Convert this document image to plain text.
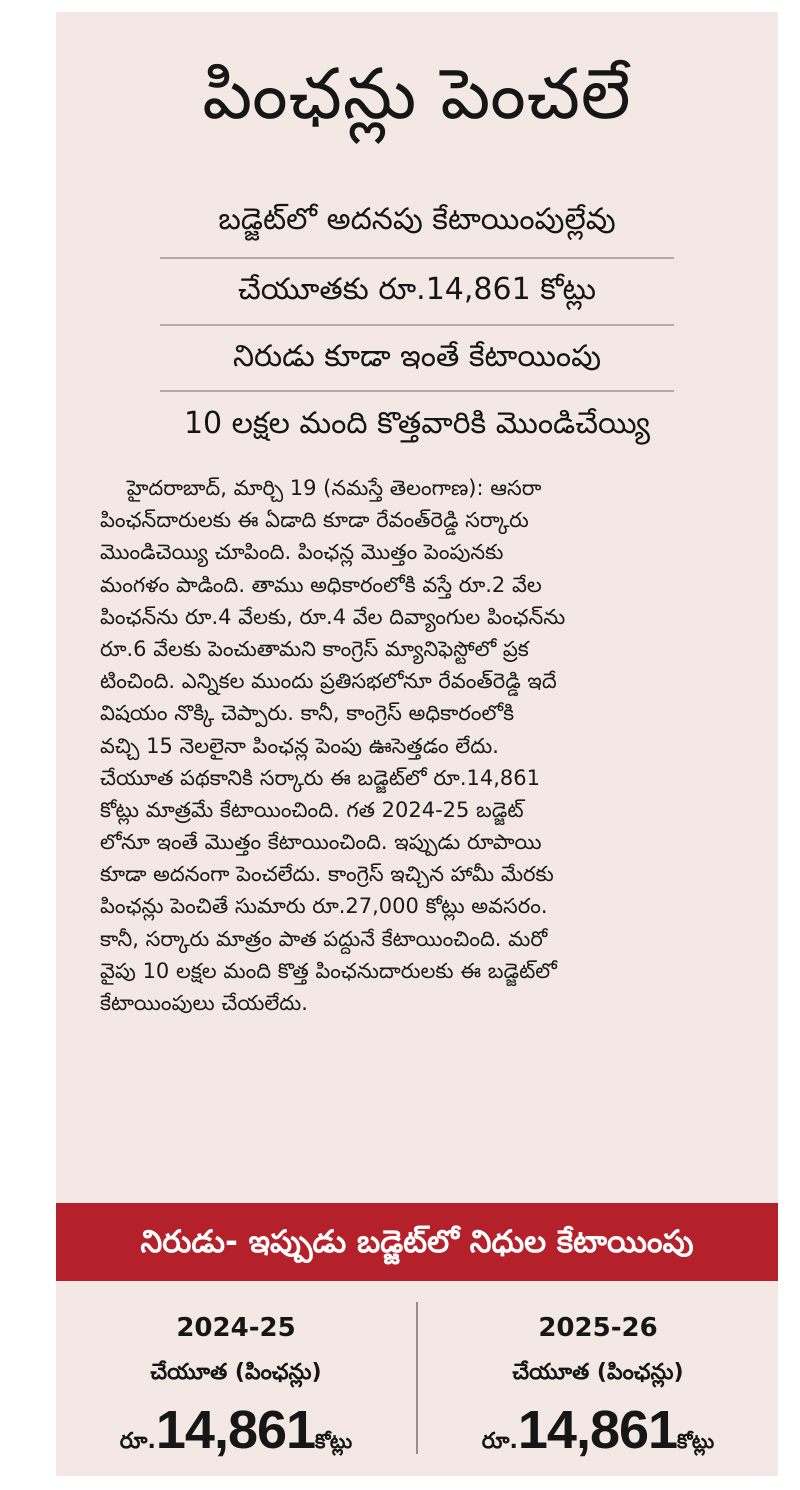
పింఛన్లు పెంచలే
బడ్జెట్‌లో అదనపు కేటాయింపుల్లేవు
చేయూతకు రూ.14,861 కోట్లు
నిరుడు కూడా ఇంతే కేటాయింపు
10 లక్షల మంది కొత్తవారికి మొండిచేయ్యి
హైదరాబాద్, మార్చి 19 (నమస్తే తెలంగాణ): ఆసరా
పింఛన్‌దారులకు ఈ ఏడాది కూడా రేవంత్‌రెడ్డి సర్కారు
మొండిచెయ్యి చూపింది. పింఛన్ల మొత్తం పెంపునకు
మంగళం పాడింది. తాము అధికారంలోకి వస్తే రూ.2 వేల
పింఛన్‌ను రూ.4 వేలకు, రూ.4 వేల దివ్యాంగుల పింఛన్‌ను
రూ.6 వేలకు పెంచుతామని కాంగ్రెస్ మ్యానిఫెస్టోలో ప్రక
టించింది. ఎన్నికల ముందు ప్రతిసభలోనూ రేవంత్‌రెడ్డి ఇదే
విషయం నొక్కి చెప్పారు. కానీ, కాంగ్రెస్ అధికారంలోకి
వచ్చి 15 నెలలైనా పింఛన్ల పెంపు ఊసెత్తడం లేదు.
చేయూత పథకానికి సర్కారు ఈ బడ్జెట్‌లో రూ.14,861
కోట్లు మాత్రమే కేటాయించింది. గత 2024-25 బడ్జెట్
లోనూ ఇంతే మొత్తం కేటాయించింది. ఇప్పుడు రూపాయి
కూడా అదనంగా పెంచలేదు. కాంగ్రెస్ ఇచ్చిన హామీ మేరకు
పింఛన్లు పెంచితే సుమారు రూ.27,000 కోట్లు అవసరం.
కానీ, సర్కారు మాత్రం పాత పద్దునే కేటాయించింది. మరో
వైపు 10 లక్షల మంది కొత్త పింఛనుదారులకు ఈ బడ్జెట్‌లో
కేటాయింపులు చేయలేదు.
నిరుడు- ఇప్పుడు బడ్జెట్‌లో నిధుల కేటాయింపు
2024-25
చేయూత (పింఛన్లు)
రూ.14,861కోట్లు
2025-26
చేయూత (పింఛన్లు)
రూ.14,861కోట్లు
